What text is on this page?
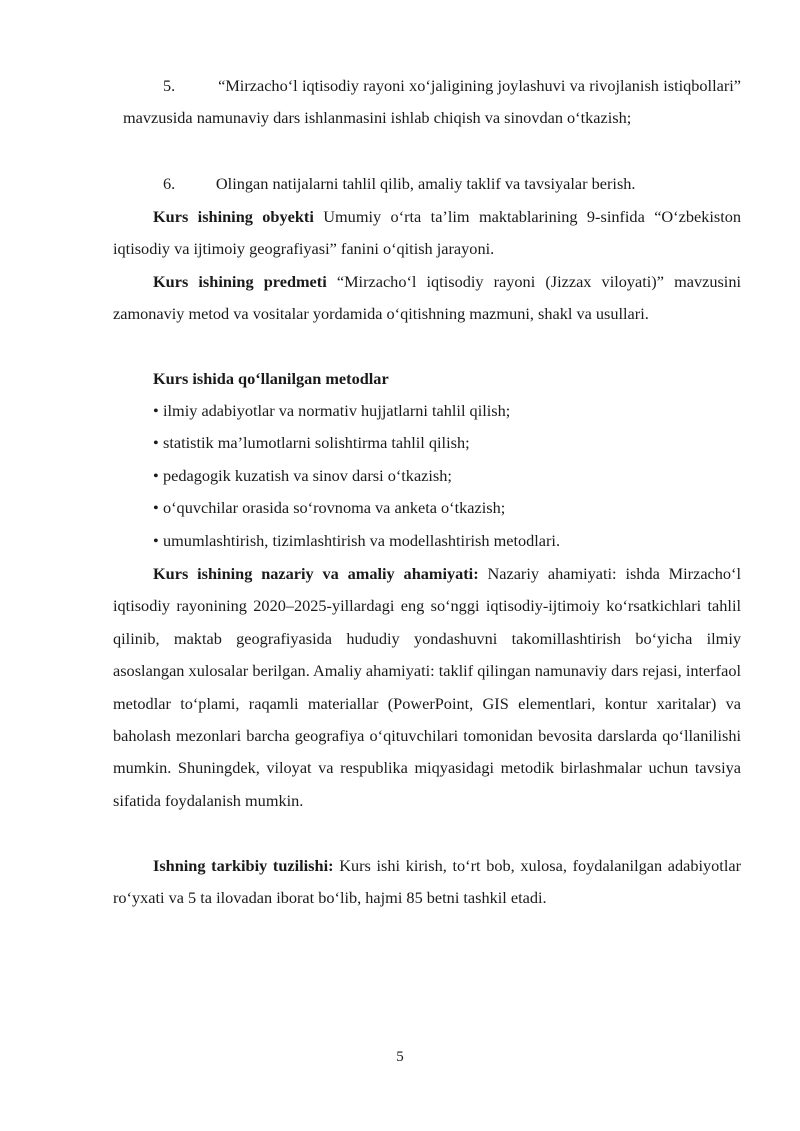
5.	“Mirzacho‘l iqtisodiy rayoni xo‘jaligining joylashuvi va rivojlanish istiqbollari” mavzusida namunaviy dars ishlanmasini ishlab chiqish va sinovdan o‘tkazish;

6. Olingan natijalarni tahlil qilib, amaliy taklif va tavsiyalar berish.

Kurs ishining obyekti Umumiy o‘rta ta’lim maktablarining 9-sinfida “O‘zbekiston iqtisodiy va ijtimoiy geografiyasi” fanini o‘qitish jarayoni.

Kurs ishining predmeti “Mirzacho‘l iqtisodiy rayoni (Jizzax viloyati)” mavzusini zamonaviy metod va vositalar yordamida o‘qitishning mazmuni, shakl va usullari.

Kurs ishida qo‘llanilgan metodlar

• ilmiy adabiyotlar va normativ hujjatlarni tahlil qilish;

• statistik ma’lumotlarni solishtirma tahlil qilish;

• pedagogik kuzatish va sinov darsi o‘tkazish;

• o‘quvchilar orasida so‘rovnoma va anketa o‘tkazish;

• umumlashtirish, tizimlashtirish va modellashtirish metodlari.

Kurs ishining nazariy va amaliy ahamiyati: Nazariy ahamiyati: ishda Mirzacho‘l iqtisodiy rayonining 2020–2025-yillardagi eng so‘nggi iqtisodiy-ijtimoiy ko‘rsatkichlari tahlil qilinib, maktab geografiyasida hududiy yondashuvni takomillashtirish bo‘yicha ilmiy asoslangan xulosalar berilgan. Amaliy ahamiyati: taklif qilingan namunaviy dars rejasi, interfaol metodlar to‘plami, raqamli materiallar (PowerPoint, GIS elementlari, kontur xaritalar) va baholash mezonlari barcha geografiya o‘qituvchilari tomonidan bevosita darslarda qo‘llanilishi mumkin. Shuningdek, viloyat va respublika miqyasidagi metodik birlashmalar uchun tavsiya sifatida foydalanish mumkin.

Ishning tarkibiy tuzilishi: Kurs ishi kirish, to‘rt bob, xulosa, foydalanilgan adabiyotlar ro‘yxati va 5 ta ilovadan iborat bo‘lib, hajmi 85 betni tashkil etadi.

5
